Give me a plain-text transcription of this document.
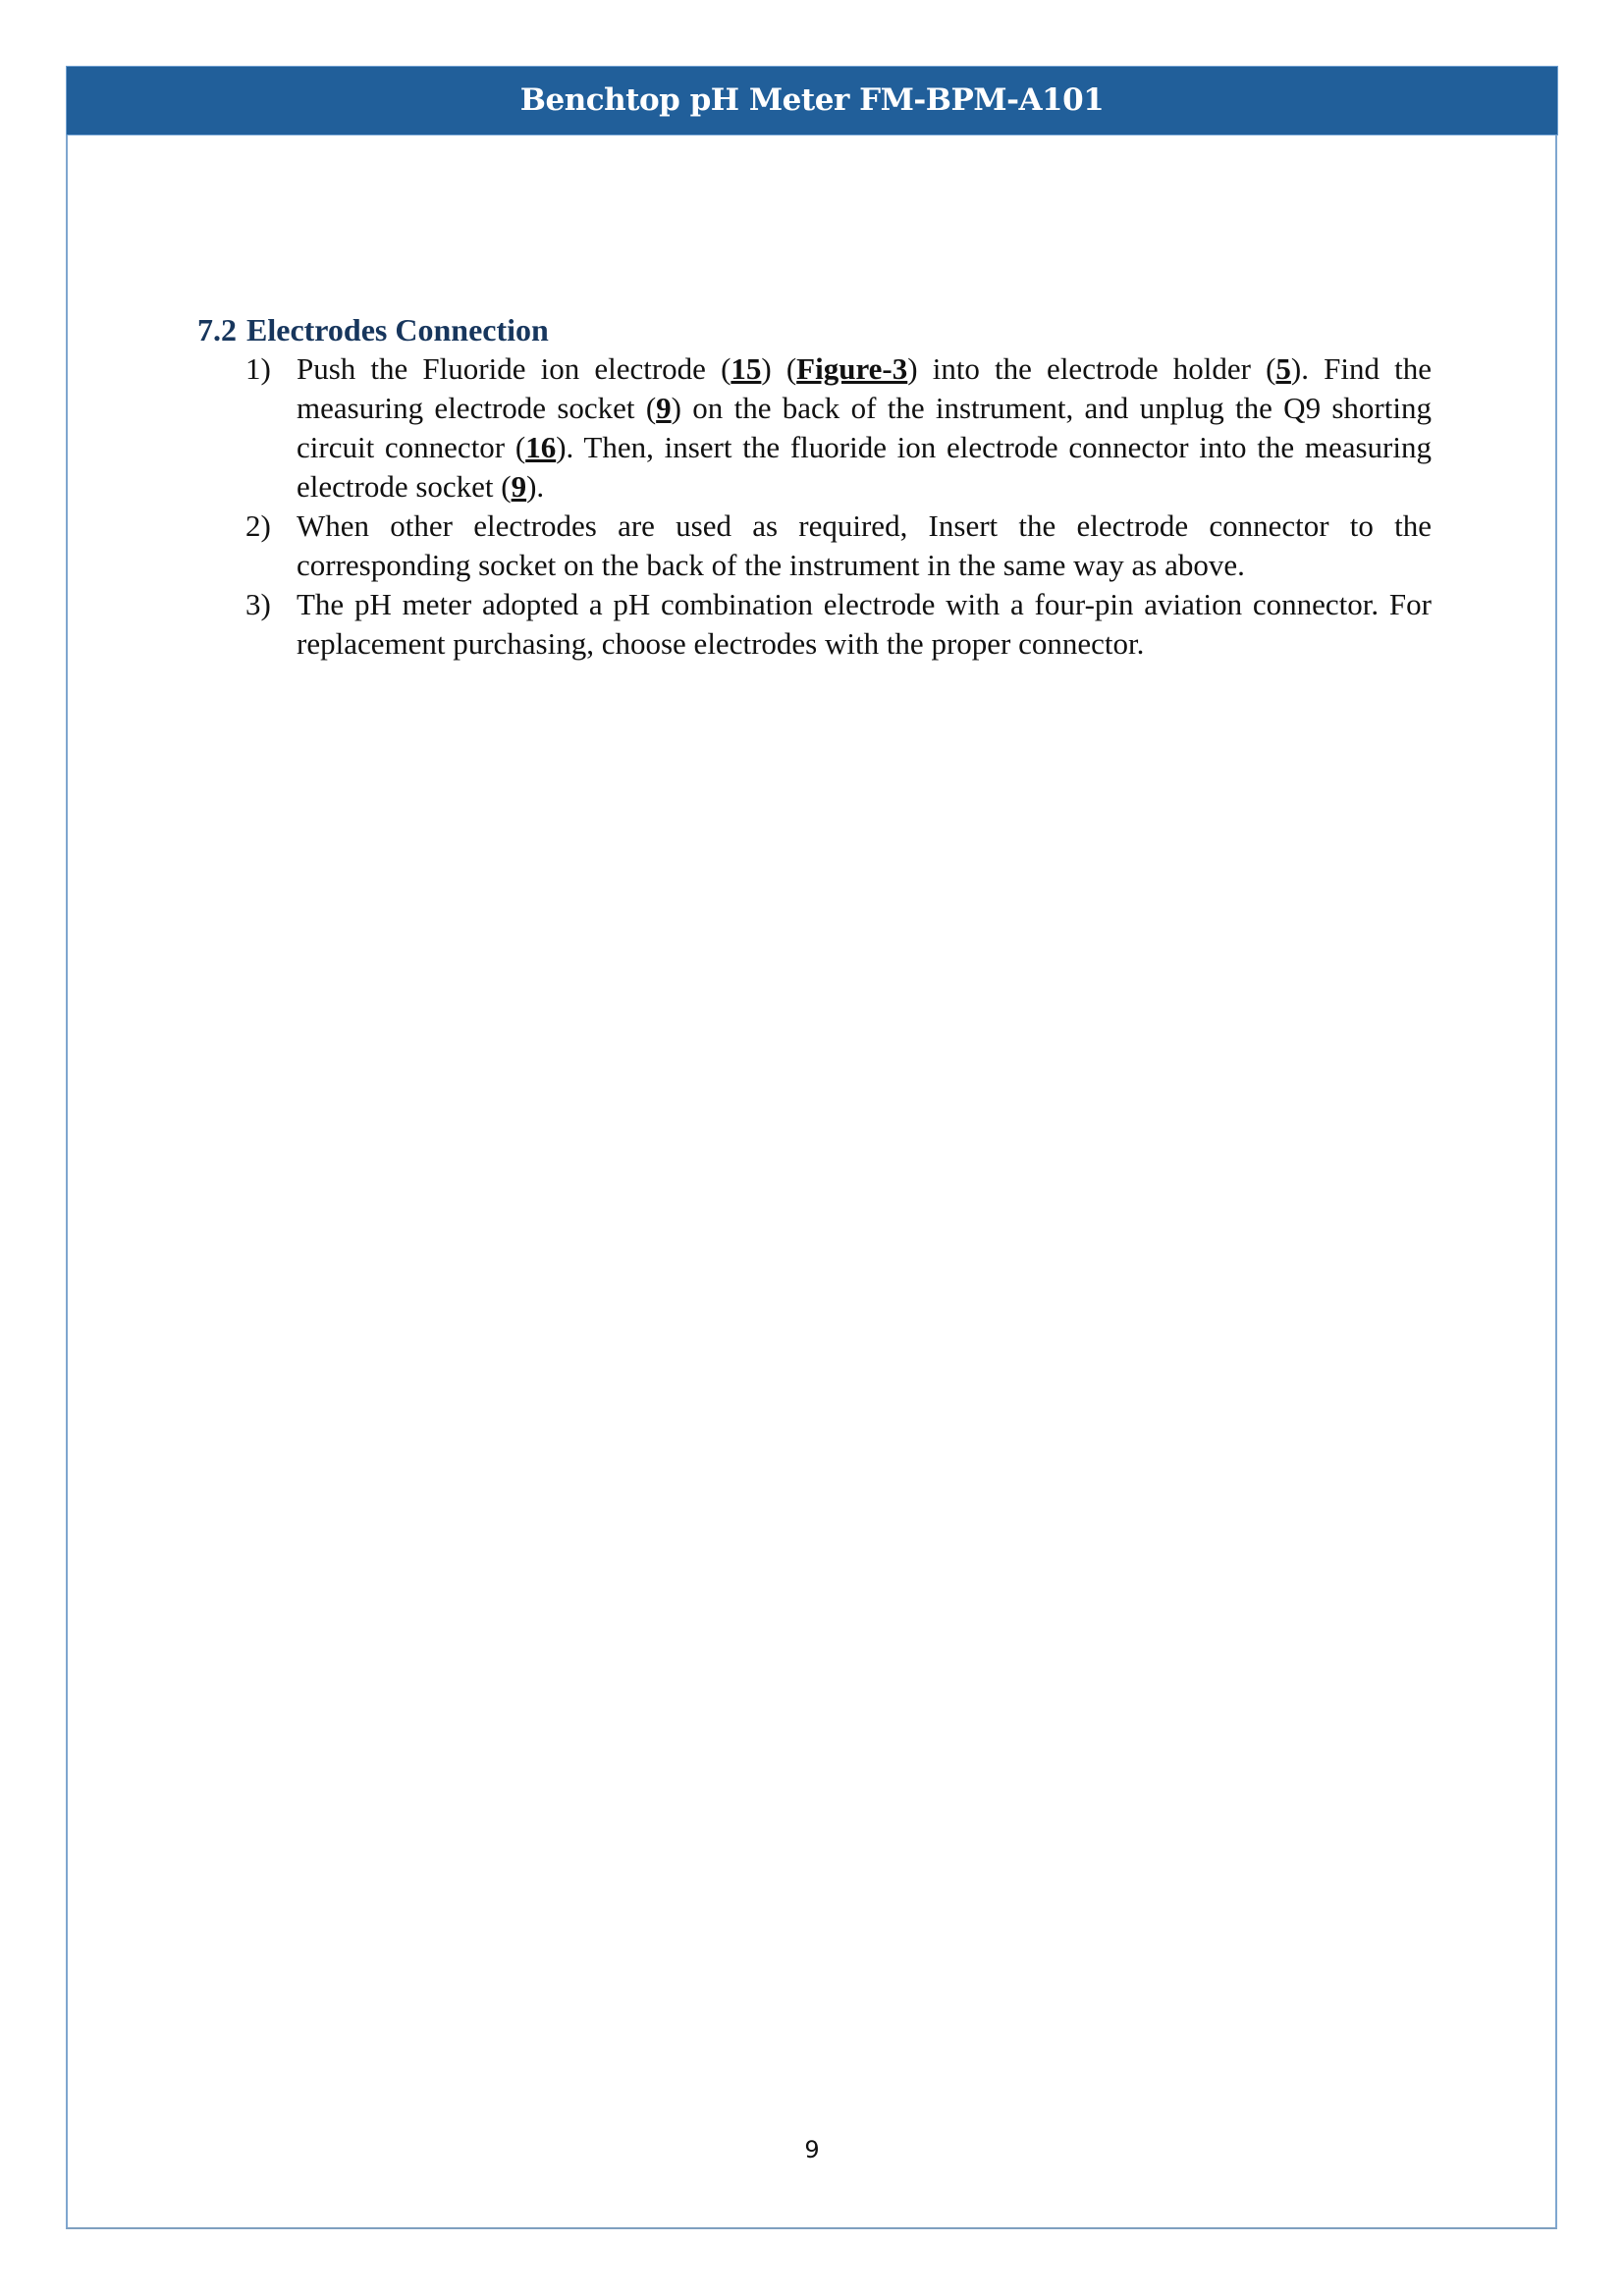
Benchtop pH Meter FM-BPM-A101
7.2 Electrodes Connection
1) Push the Fluoride ion electrode (15) (Figure-3) into the electrode holder (5). Find the measuring electrode socket (9) on the back of the instrument, and unplug the Q9 shorting circuit connector (16). Then, insert the fluoride ion electrode connector into the measuring electrode socket (9).
2) When other electrodes are used as required, Insert the electrode connector to the corresponding socket on the back of the instrument in the same way as above.
3) The pH meter adopted a pH combination electrode with a four-pin aviation connector. For replacement purchasing, choose electrodes with the proper connector.
9
